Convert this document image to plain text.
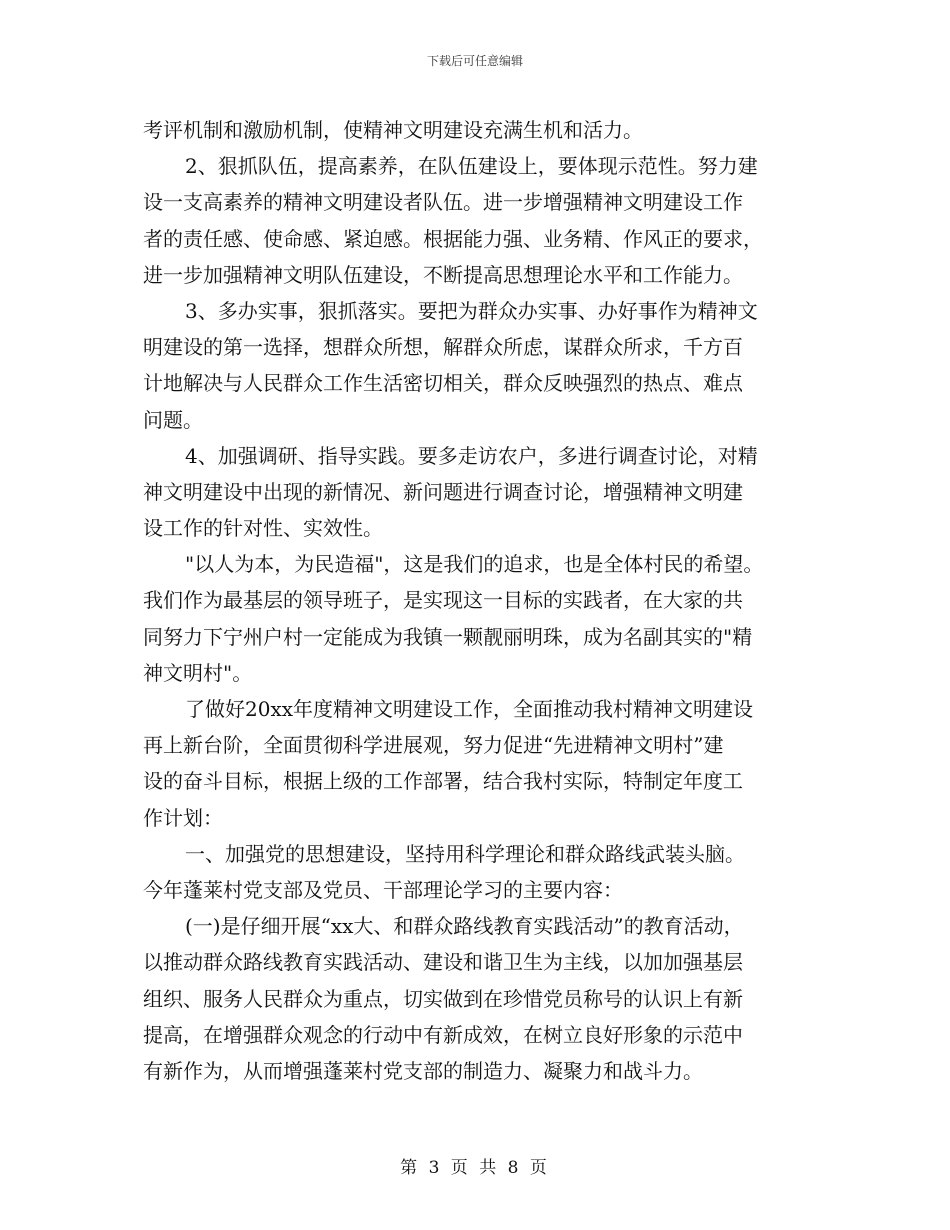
下载后可任意编辑
考评机制和激励机制，使精神文明建设充满生机和活力。
2、狠抓队伍，提高素养，在队伍建设上，要体现示范性。努力建
设一支高素养的精神文明建设者队伍。进一步增强精神文明建设工作
者的责任感、使命感、紧迫感。根据能力强、业务精、作风正的要求，
进一步加强精神文明队伍建设，不断提高思想理论水平和工作能力。
3、多办实事，狠抓落实。要把为群众办实事、办好事作为精神文
明建设的第一选择，想群众所想，解群众所虑，谋群众所求，千方百
计地解决与人民群众工作生活密切相关，群众反映强烈的热点、难点
问题。
4、加强调研、指导实践。要多走访农户，多进行调查讨论，对精
神文明建设中出现的新情况、新问题进行调查讨论，增强精神文明建
设工作的针对性、实效性。
"以人为本，为民造福"，这是我们的追求，也是全体村民的希望。
我们作为最基层的领导班子，是实现这一目标的实践者，在大家的共
同努力下宁州户村一定能成为我镇一颗靓丽明珠，成为名副其实的"精
神文明村"。
了做好20xx年度精神文明建设工作，全面推动我村精神文明建设
再上新台阶，全面贯彻科学进展观，努力促进“先进精神文明村”建
设的奋斗目标，根据上级的工作部署，结合我村实际，特制定年度工
作计划：
一、加强党的思想建设，坚持用科学理论和群众路线武装头脑。
今年蓬莱村党支部及党员、干部理论学习的主要内容：
(一)是仔细开展“xx大、和群众路线教育实践活动”的教育活动，
以推动群众路线教育实践活动、建设和谐卫生为主线，以加加强基层
组织、服务人民群众为重点，切实做到在珍惜党员称号的认识上有新
提高，在增强群众观念的行动中有新成效，在树立良好形象的示范中
有新作为，从而增强蓬莱村党支部的制造力、凝聚力和战斗力。
第 3 页 共 8 页
